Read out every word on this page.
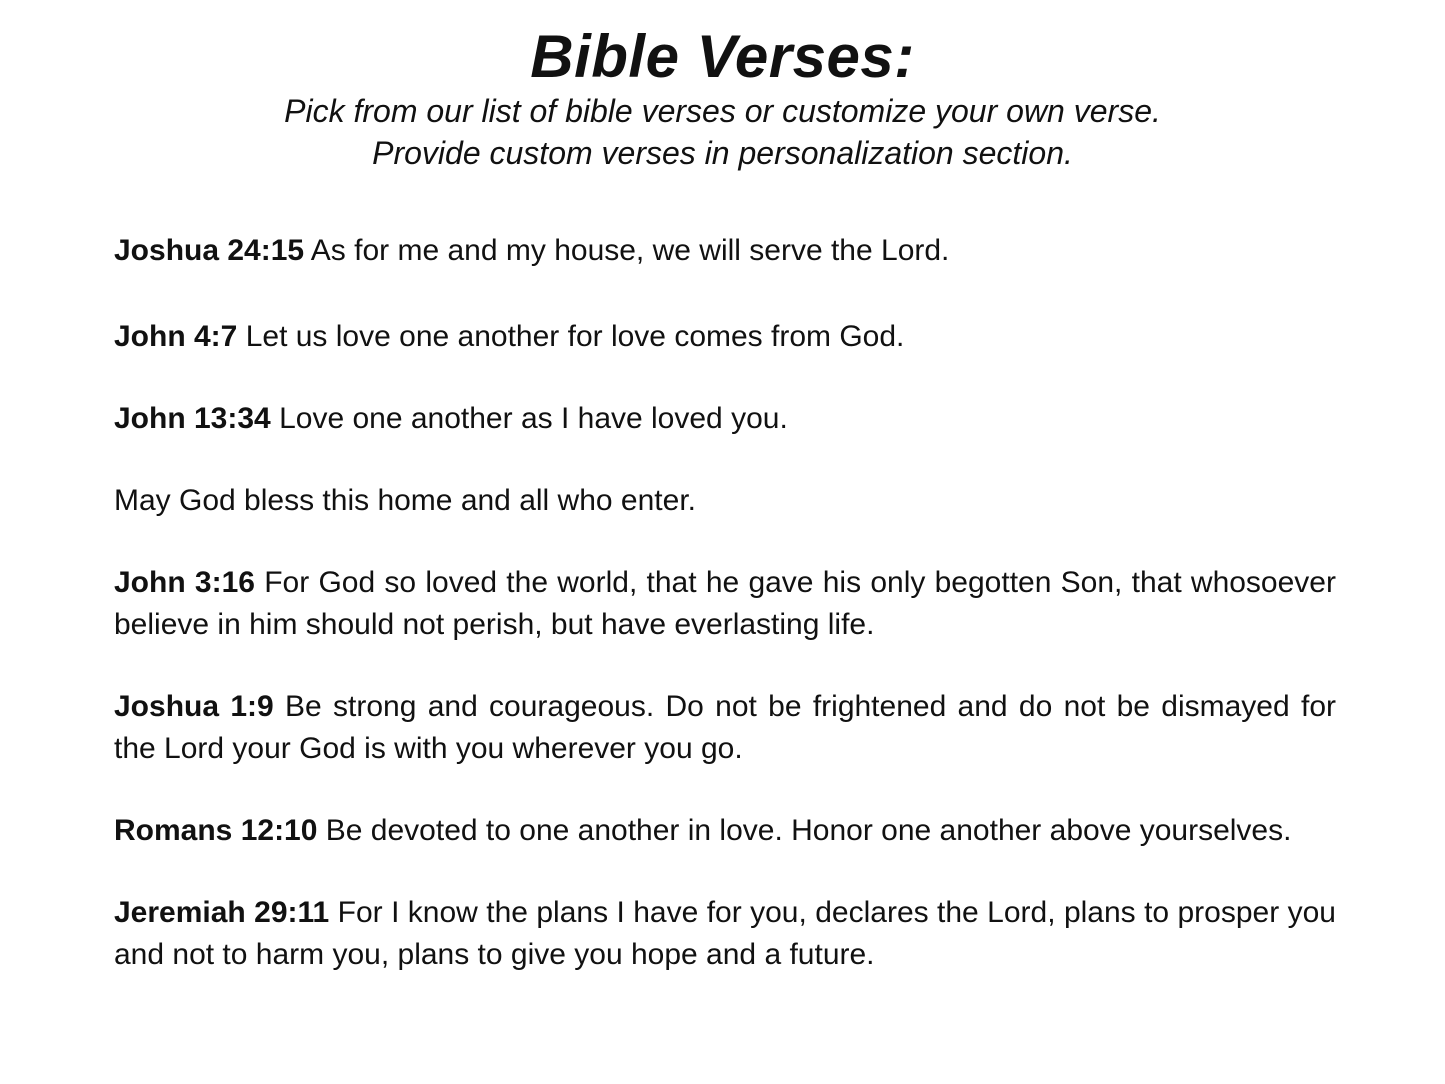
Bible Verses:

Pick from our list of bible verses or customize your own verse.

Provide custom verses in personalization section.

Joshua 24:15 As for me and my house, we will serve the Lord.

John 4:7 Let us love one another for love comes from God.

John 13:34 Love one another as I have loved you.

May God bless this home and all who enter.

John 3:16 For God so loved the world, that he gave his only begotten Son, that whosoever believe in him should not perish, but have everlasting life.

Joshua 1:9 Be strong and courageous. Do not be frightened and do not be dismayed for the Lord your God is with you wherever you go.

Romans 12:10 Be devoted to one another in love. Honor one another above yourselves.

Jeremiah 29:11 For I know the plans I have for you, declares the Lord, plans to prosper you and not to harm you, plans to give you hope and a future.
